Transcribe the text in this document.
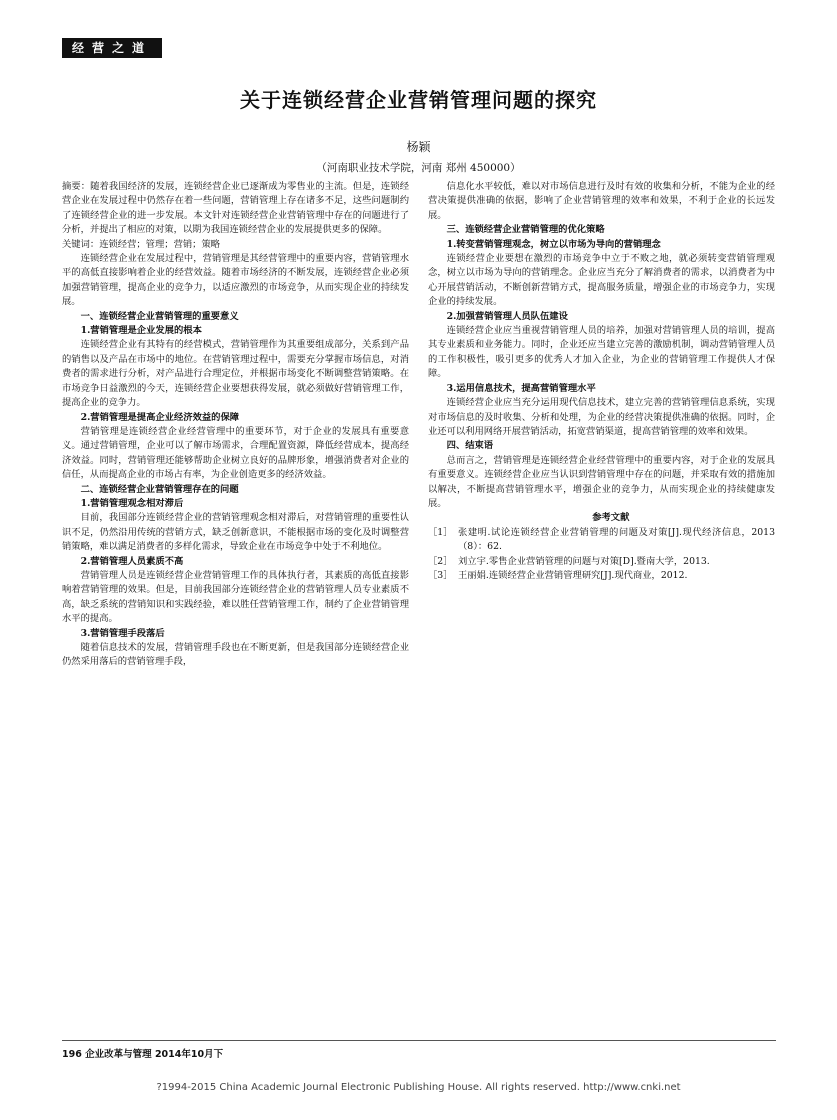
经营之道
关于连锁经营企业营销管理问题的探究
杨颖
（河南职业技术学院，河南 郑州 450000）

摘要：随着我国经济的发展，连锁经营企业已逐渐成为零售业的主流。但是，连锁经营企业在发展过程中仍然存在着一些问题，营销管理上存在诸多不足，这些问题制约了连锁经营企业的进一步发展。本文针对连锁经营企业营销管理中存在的问题进行了分析，并提出了相应的对策，以期为我国连锁经营企业的发展提供更多的保障。

关键词：连锁经营；管理；营销；策略

连锁经营企业在发展过程中，营销管理是其经营管理中的重要内容，营销管理水平的高低直接影响着企业的经营效益。随着市场经济的不断发展，连锁经营企业必须加强营销管理，提高企业的竞争力，以适应激烈的市场竞争，从而实现企业的持续发展。

一、连锁经营企业营销管理的重要意义

1.营销管理是企业发展的根本

连锁经营企业有其特有的经营模式，营销管理作为其重要组成部分，关系到产品的销售以及产品在市场中的地位。在营销管理过程中，需要充分掌握市场信息，对消费者的需求进行分析，对产品进行合理定位，并根据市场变化不断调整营销策略。在市场竞争日益激烈的今天，连锁经营企业要想获得发展，就必须做好营销管理工作，提高企业的竞争力。

2.营销管理是提高企业经济效益的保障

营销管理是连锁经营企业经营管理中的重要环节，对于企业的发展具有重要意义。通过营销管理，企业可以了解市场需求，合理配置资源，降低经营成本，提高经济效益。同时，营销管理还能够帮助企业树立良好的品牌形象，增强消费者对企业的信任，从而提高企业的市场占有率，为企业创造更多的经济效益。

二、连锁经营企业营销管理存在的问题

1.营销管理观念相对滞后

目前，我国部分连锁经营企业的营销管理观念相对滞后，对营销管理的重要性认识不足，仍然沿用传统的营销方式，缺乏创新意识，不能根据市场的变化及时调整营销策略，难以满足消费者的多样化需求，导致企业在市场竞争中处于不利地位。

2.营销管理人员素质不高

营销管理人员是连锁经营企业营销管理工作的具体执行者，其素质的高低直接影响着营销管理的效果。但是，目前我国部分连锁经营企业的营销管理人员专业素质不高，缺乏系统的营销知识和实践经验，难以胜任营销管理工作，制约了企业营销管理水平的提高。

3.营销管理手段落后

随着信息技术的发展，营销管理手段也在不断更新，但是我国部分连锁经营企业仍然采用落后的营销管理手段，

信息化水平较低，难以对市场信息进行及时有效的收集和分析，不能为企业的经营决策提供准确的依据，影响了企业营销管理的效率和效果，不利于企业的长远发展。

三、连锁经营企业营销管理的优化策略

1.转变营销管理观念，树立以市场为导向的营销理念

连锁经营企业要想在激烈的市场竞争中立于不败之地，就必须转变营销管理观念，树立以市场为导向的营销理念。企业应当充分了解消费者的需求，以消费者为中心开展营销活动，不断创新营销方式，提高服务质量，增强企业的市场竞争力，实现企业的持续发展。

2.加强营销管理人员队伍建设

连锁经营企业应当重视营销管理人员的培养，加强对营销管理人员的培训，提高其专业素质和业务能力。同时，企业还应当建立完善的激励机制，调动营销管理人员的工作积极性，吸引更多的优秀人才加入企业，为企业的营销管理工作提供人才保障。

3.运用信息技术，提高营销管理水平

连锁经营企业应当充分运用现代信息技术，建立完善的营销管理信息系统，实现对市场信息的及时收集、分析和处理，为企业的经营决策提供准确的依据。同时，企业还可以利用网络开展营销活动，拓宽营销渠道，提高营销管理的效率和效果。

四、结束语

总而言之，营销管理是连锁经营企业经营管理中的重要内容，对于企业的发展具有重要意义。连锁经营企业应当认识到营销管理中存在的问题，并采取有效的措施加以解决，不断提高营销管理水平，增强企业的竞争力，从而实现企业的持续健康发展。

参考文献

［1］ 张建明.试论连锁经营企业营销管理的问题及对策[J].现代经济信息，2013（8）：62.
［2］ 刘立宇.零售企业营销管理的问题与对策[D].暨南大学，2013.
［3］ 王丽娟.连锁经营企业营销管理研究[J].现代商业，2012.
196 企业改革与管理 2014年10月下
?1994-2015 China Academic Journal Electronic Publishing House. All rights reserved. http://www.cnki.net
